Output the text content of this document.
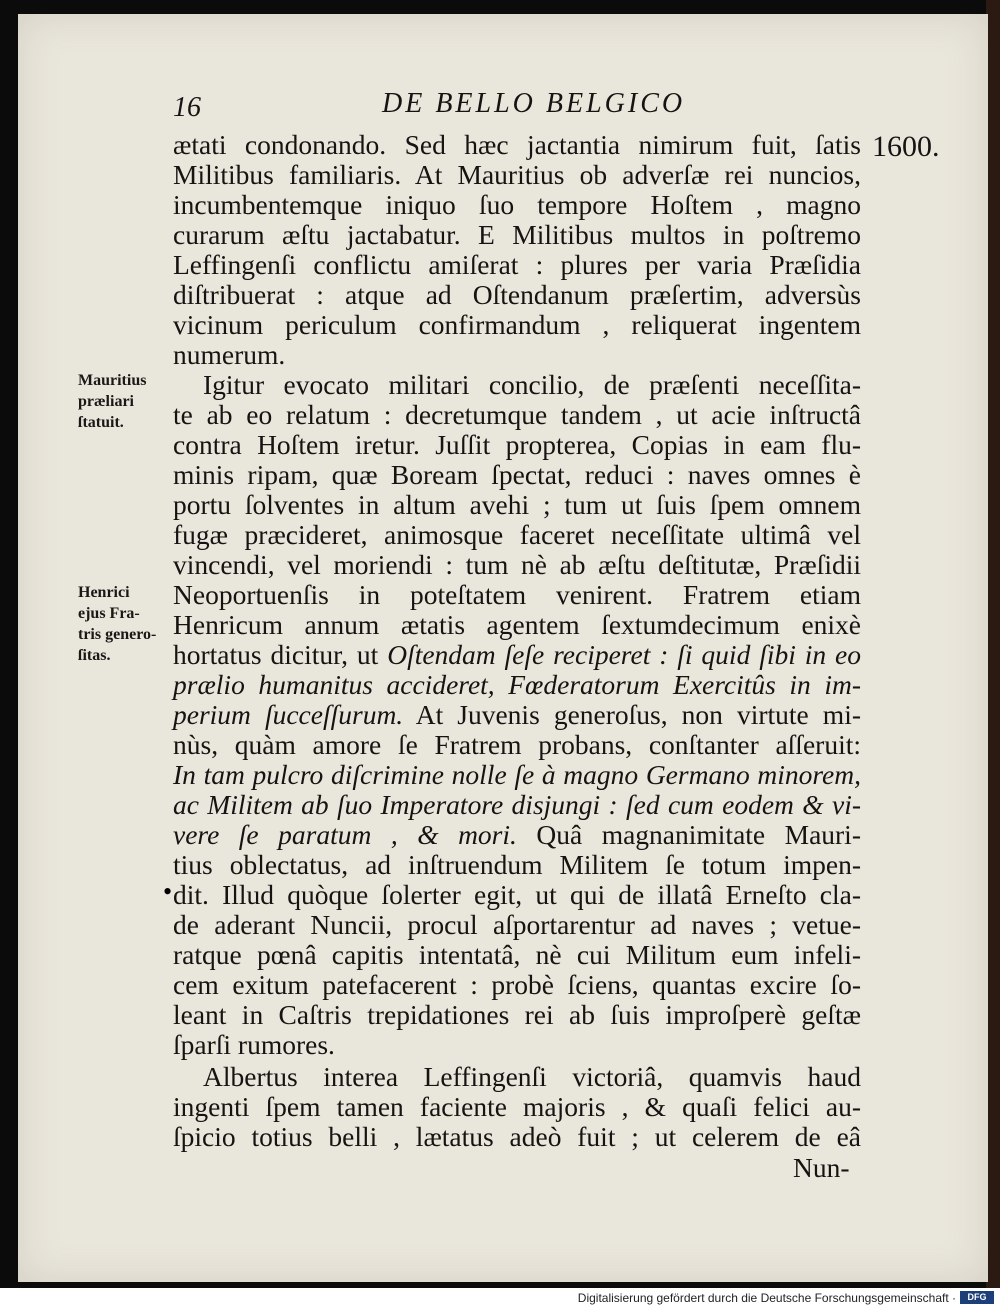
16	DE BELLO BELGICO
1600.
ætati condonando. Sed hæc jactantia nimirum fuit, ſatis
Militibus familiaris. At Mauritius ob adverſæ rei nuncios,
incumbentemque iniquo ſuo tempore Hoſtem , magno
curarum æſtu jactabatur. E Militibus multos in poſtremo
Leffingenſi conflictu amiſerat : plures per varia Præſidia
diſtribuerat : atque ad Oſtendanum præſertim, adversùs
vicinum periculum confirmandum , reliquerat ingentem
numerum.
Igitur evocato militari concilio, de præſenti neceſſita-
te ab eo relatum : decretumque tandem , ut acie inſtructâ
contra Hoſtem iretur. Juſſit propterea, Copias in eam flu-
minis ripam, quæ Boream ſpectat, reduci : naves omnes è
portu ſolventes in altum avehi ; tum ut ſuis ſpem omnem
fugæ præcideret, animosque faceret neceſſitate ultimâ vel
vincendi, vel moriendi : tum nè ab æſtu deſtitutæ, Præſidii
Neoportuenſis in poteſtatem venirent. Fratrem etiam
Henricum annum ætatis agentem ſextumdecimum enixè
hortatus dicitur, ut Oſtendam ſeſe reciperet : ſi quid ſibi in eo
prælio humanitus accideret, Fœderatorum Exercitûs in im-
perium ſucceſſurum. At Juvenis generoſus, non virtute mi-
nùs, quàm amore ſe Fratrem probans, conſtanter aſſeruit:
In tam pulcro diſcrimine nolle ſe à magno Germano minorem,
ac Militem ab ſuo Imperatore disjungi : ſed cum eodem & vi-
vere ſe paratum , & mori. Quâ magnanimitate Mauri-
tius oblectatus, ad inſtruendum Militem ſe totum impen-
dit. Illud quòque ſolerter egit, ut qui de illatâ Erneſto cla-
de aderant Nuncii, procul aſportarentur ad naves ; vetue-
ratque pœnâ capitis intentatâ, nè cui Militum eum infeli-
cem exitum patefacerent : probè ſciens, quantas excire ſo-
leant in Caſtris trepidationes rei ab ſuis improſperè geſtæ
ſparſi rumores.
Albertus interea Leffingenſi victoriâ, quamvis haud
ingenti ſpem tamen faciente majoris , & quaſi felici au-
ſpicio totius belli , lætatus adeò fuit ; ut celerem de eâ
•
Nun-
Mauritius
præliari
ſtatuit.
Henrici
ejus Fra-
tris genero-
ſitas.
Digitalisierung gefördert durch die Deutsche Forschungsgemeinschaft ·	DFG
